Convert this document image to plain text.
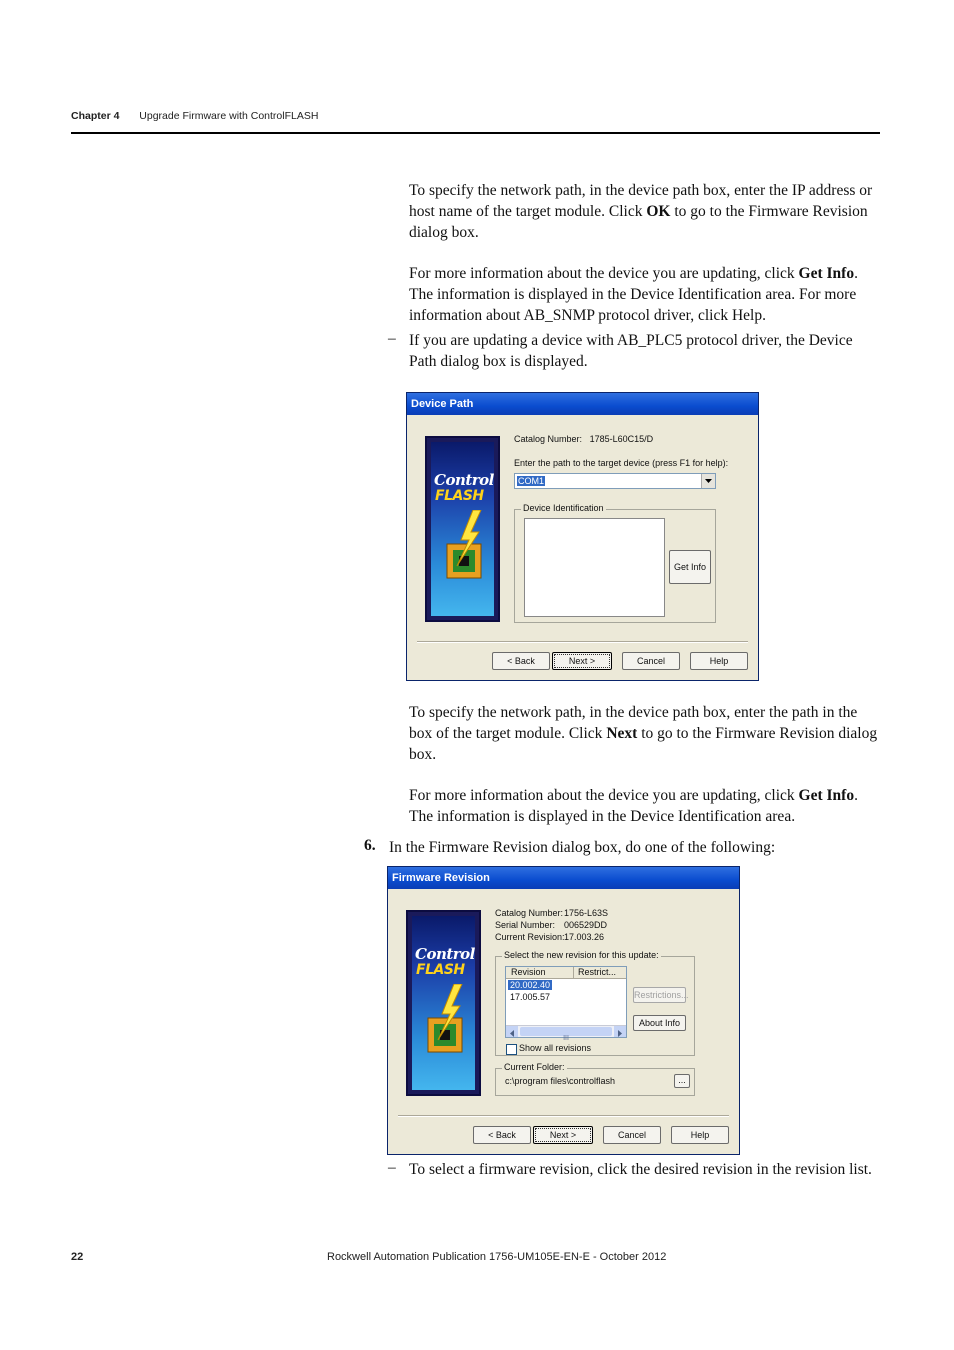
Chapter 4 Upgrade Firmware with ControlFLASH
To specify the network path, in the device path box, enter the IP address or host name of the target module. Click OK to go to the Firmware Revision dialog box.
For more information about the device you are updating, click Get Info. The information is displayed in the Device Identification area. For more information about AB_SNMP protocol driver, click Help.
– If you are updating a device with AB_PLC5 protocol driver, the Device Path dialog box is displayed.
Device Path
Control
FLASH
Catalog Number: 1785-L60C15/D
Enter the path to the target device (press F1 for help):
COM1
Device Identification
Get Info
< Back	Next >	Cancel	Help
To specify the network path, in the device path box, enter the path in the box of the target module. Click Next to go to the Firmware Revision dialog box.
For more information about the device you are updating, click Get Info. The information is displayed in the Device Identification area.
6. In the Firmware Revision dialog box, do one of the following:
Firmware Revision
Control
FLASH
Catalog Number:1756-L63S
Serial Number: 006529DD
Current Revision:17.003.26
Select the new revision for this update:
Revision	Restrict...
20.002.40
17.005.57
III
Restrictions...
About Info
Show all revisions
Current Folder:
c:\program files\controlflash	...
< Back	Next >	Cancel	Help
– To select a firmware revision, click the desired revision in the revision list.
22	Rockwell Automation Publication 1756-UM105E-EN-E - October 2012
